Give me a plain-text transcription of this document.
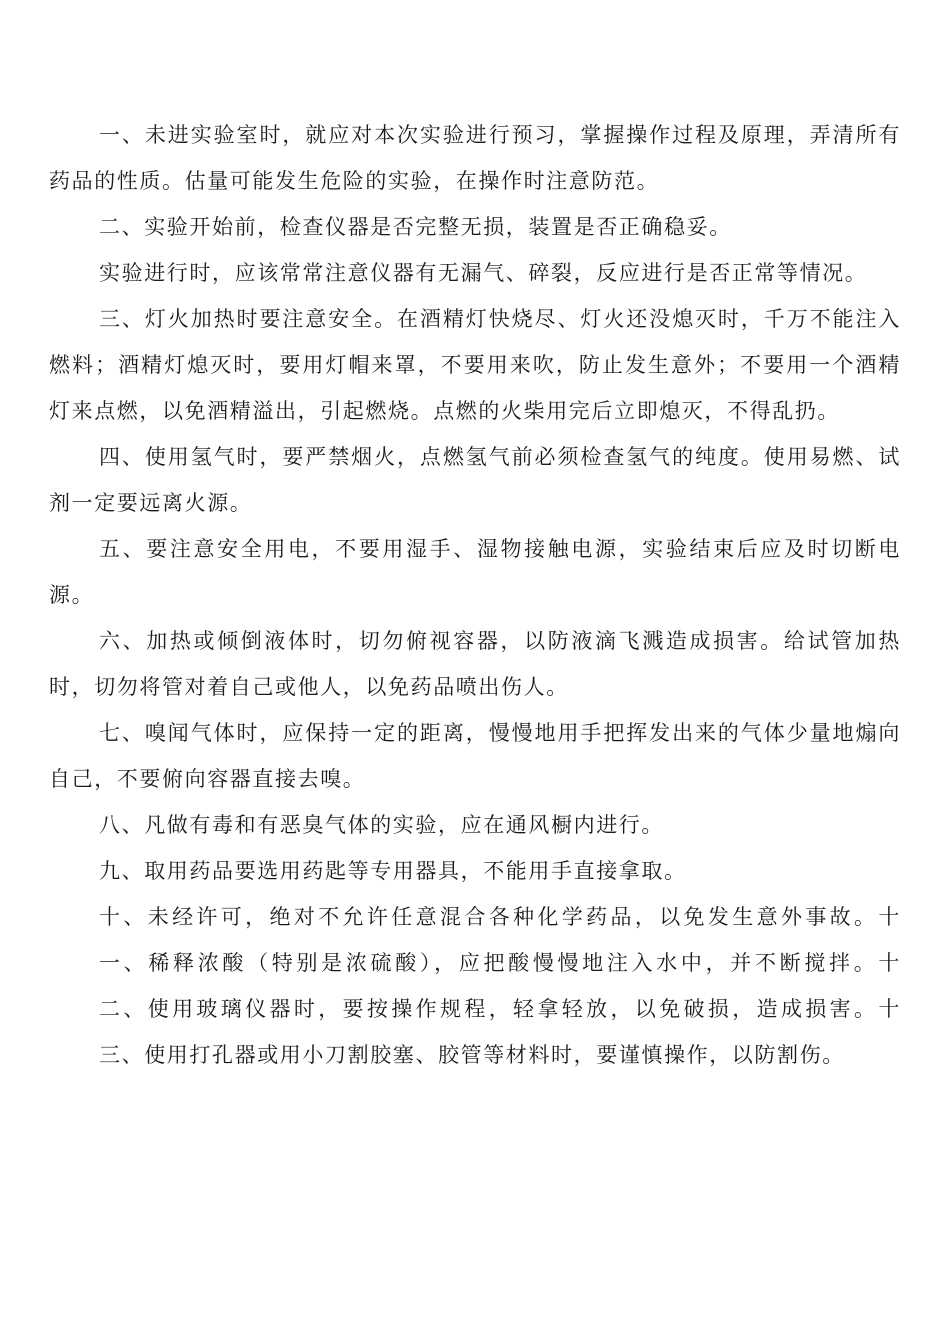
一、未进实验室时，就应对本次实验进行预习，掌握操作过程及原理，弄清所有药品的性质。估量可能发生危险的实验，在操作时注意防范。

二、实验开始前，检查仪器是否完整无损，装置是否正确稳妥。

实验进行时，应该常常注意仪器有无漏气、碎裂，反应进行是否正常等情况。

三、灯火加热时要注意安全。在酒精灯快烧尽、灯火还没熄灭时，千万不能注入燃料；酒精灯熄灭时，要用灯帽来罩，不要用来吹，防止发生意外；不要用一个酒精灯来点燃，以免酒精溢出，引起燃烧。点燃的火柴用完后立即熄灭，不得乱扔。

四、使用氢气时，要严禁烟火，点燃氢气前必须检查氢气的纯度。使用易燃、试剂一定要远离火源。

五、要注意安全用电，不要用湿手、湿物接触电源，实验结束后应及时切断电源。

六、加热或倾倒液体时，切勿俯视容器，以防液滴飞溅造成损害。给试管加热时，切勿将管对着自己或他人，以免药品喷出伤人。

七、嗅闻气体时，应保持一定的距离，慢慢地用手把挥发出来的气体少量地煽向自己，不要俯向容器直接去嗅。

八、凡做有毒和有恶臭气体的实验，应在通风橱内进行。

九、取用药品要选用药匙等专用器具，不能用手直接拿取。

十、未经许可，绝对不允许任意混合各种化学药品，以免发生意外事故。十

一、稀释浓酸（特别是浓硫酸），应把酸慢慢地注入水中，并不断搅拌。十

二、使用玻璃仪器时，要按操作规程，轻拿轻放，以免破损，造成损害。十

三、使用打孔器或用小刀割胶塞、胶管等材料时，要谨慎操作，以防割伤。
